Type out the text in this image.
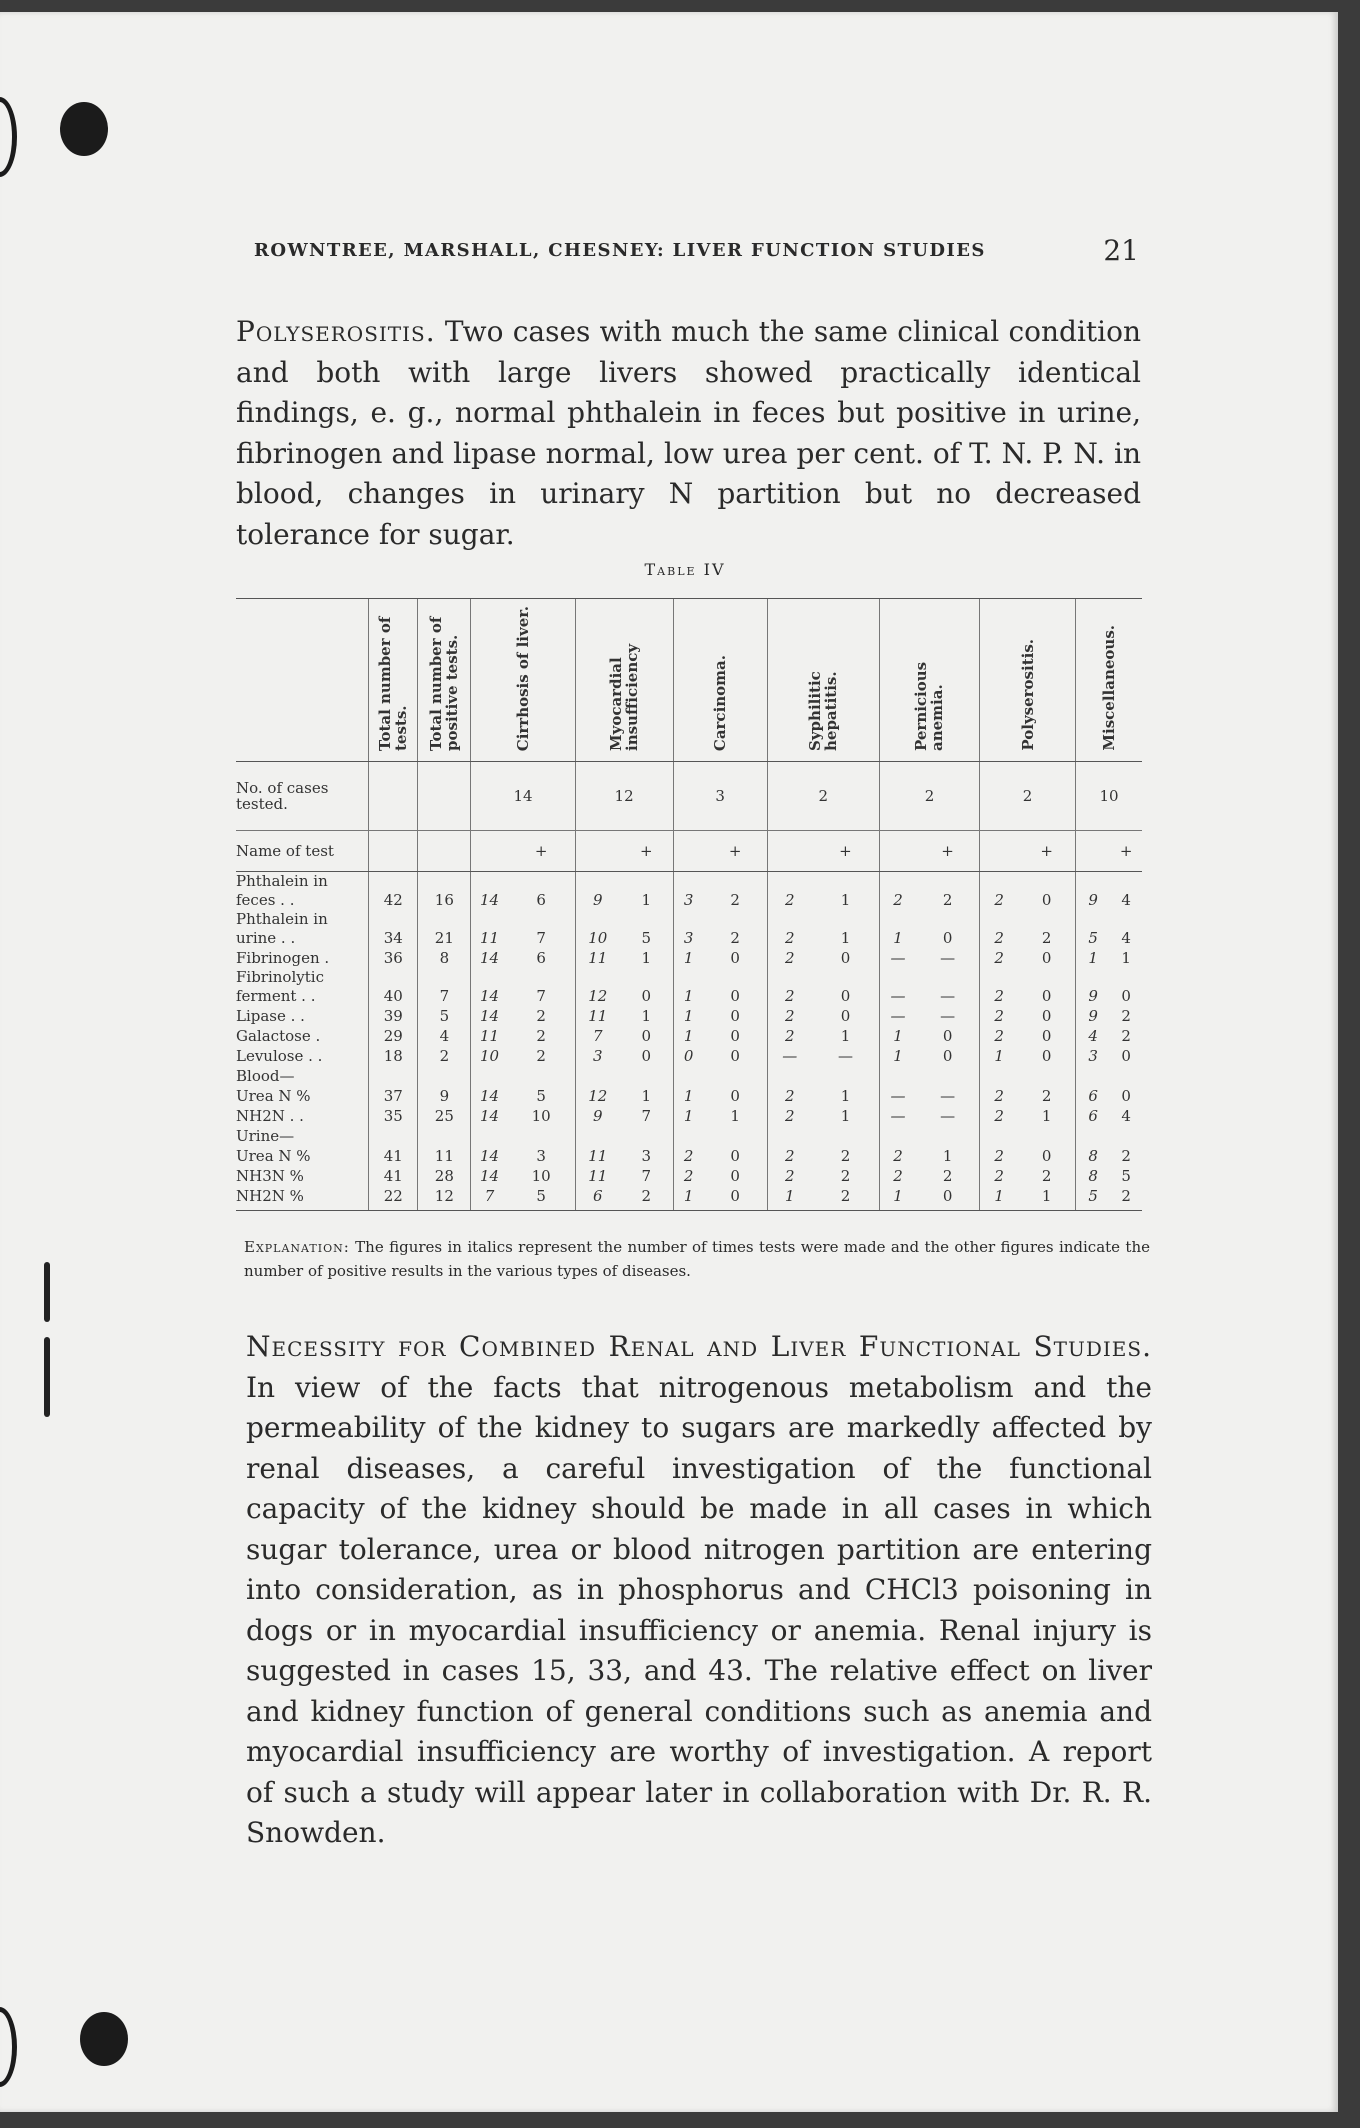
ROWNTREE, MARSHALL, CHESNEY: LIVER FUNCTION STUDIES	21
Polyserositis. Two cases with much the same clinical condition and both with large livers showed practically identical findings, e. g., normal phthalein in feces but positive in urine, fibrinogen and lipase normal, low urea per cent. of T. N. P. N. in blood, changes in urinary N partition but no decreased tolerance for sugar.
Table IV
	Total number of tests.	Total number of positive tests.	Cirrhosis of liver.		Myocardial insufficiency		Carcinoma.		Syphilitic hepatitis.		Pernicious anemia.		Polyserositis.		Miscellaneous.	
No. of cases tested.			14		12		3		2		2		2		10	
Name of test				+		+		+		+		+		+		+
Phthalein in feces . .	42	16	14	6	9	1	3	2	2	1	2	2	2	0	9	4
Phthalein in urine . .	34	21	11	7	10	5	3	2	2	1	1	0	2	2	5	4
Fibrinogen .	36	8	14	6	11	1	1	0	2	0	—	—	2	0	1	1
Fibrinolytic ferment . .	40	7	14	7	12	0	1	0	2	0	—	—	2	0	9	0
Lipase . .	39	5	14	2	11	1	1	0	2	0	—	—	2	0	9	2
Galactose .	29	4	11	2	7	0	1	0	2	1	1	0	2	0	4	2
Levulose . .	18	2	10	2	3	0	0	0	—	—	1	0	1	0	3	0
Blood—																
Urea N %	37	9	14	5	12	1	1	0	2	1	—	—	2	2	6	0
NH2N . .	35	25	14	10	9	7	1	1	2	1	—	—	2	1	6	4
Urine—																
Urea N %	41	11	14	3	11	3	2	0	2	2	2	1	2	0	8	2
NH3N %	41	28	14	10	11	7	2	0	2	2	2	2	2	2	8	5
NH2N %	22	12	7	5	6	2	1	0	1	2	1	0	1	1	5	2
Explanation: The figures in italics represent the number of times tests were made and the other figures indicate the number of positive results in the various types of diseases.
Necessity for Combined Renal and Liver Functional Studies. In view of the facts that nitrogenous metabolism and the permeability of the kidney to sugars are markedly affected by renal diseases, a careful investigation of the functional capacity of the kidney should be made in all cases in which sugar tolerance, urea or blood nitrogen partition are entering into consideration, as in phosphorus and CHCl3 poisoning in dogs or in myocardial insufficiency or anemia. Renal injury is suggested in cases 15, 33, and 43. The relative effect on liver and kidney function of general conditions such as anemia and myocardial insufficiency are worthy of investigation. A report of such a study will appear later in collaboration with Dr. R. R. Snowden.
